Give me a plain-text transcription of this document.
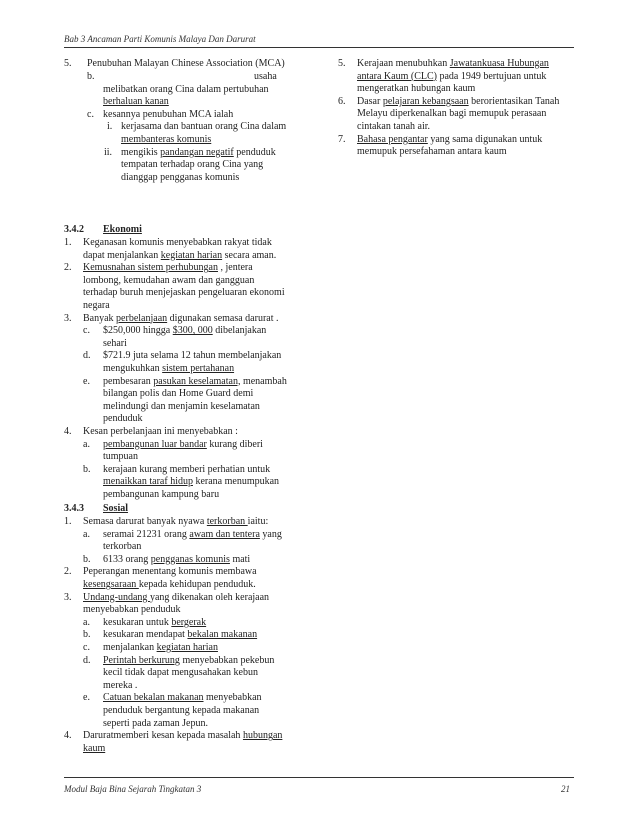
Bab 3 Ancaman Parti Komunis Malaya Dan Darurat
5. Penubuhan Malayan Chinese Association (MCA)
b.	usaha
melibatkan orang Cina dalam pertubuhan
berhaluan kanan
c. kesannya penubuhan MCA ialah
i. kerjasama dan bantuan orang Cina dalam
membanteras komunis
ii. mengikis pandangan negatif penduduk
tempatan terhadap orang Cina yang
dianggap pengganas komunis
5. Kerajaan menubuhkan Jawatankuasa Hubungan
antara Kaum (CLC) pada 1949 bertujuan untuk
mengeratkan hubungan kaum
6. Dasar pelajaran kebangsaan berorientasikan Tanah
Melayu diperkenalkan bagi memupuk perasaan
cintakan tanah air.
7. Bahasa pengantar yang sama digunakan untuk
memupuk persefahaman antara kaum
3.4.2 Ekonomi
1. Keganasan komunis menyebabkan rakyat tidak
dapat menjalankan kegiatan harian secara aman.
2. Kemusnahan sistem perhubungan , jentera
lombong, kemudahan awam dan gangguan
terhadap buruh menjejaskan pengeluaran ekonomi
negara
3. Banyak perbelanjaan digunakan semasa darurat .
c. $250,000 hingga $300, 000 dibelanjakan
sehari
d. $721.9 juta selama 12 tahun membelanjakan
mengukuhkan sistem pertahanan
e. pembesaran pasukan keselamatan, menambah
bilangan polis dan Home Guard demi
melindungi dan menjamin keselamatan
penduduk
4. Kesan perbelanjaan ini menyebabkan :
a. pembangunan luar bandar kurang diberi
tumpuan
b. kerajaan kurang memberi perhatian untuk
menaikkan taraf hidup kerana menumpukan
pembangunan kampung baru
3.4.3 Sosial
1. Semasa darurat banyak nyawa terkorban iaitu:
a. seramai 21231 orang awam dan tentera yang
terkorban
b. 6133 orang pengganas komunis mati
2. Peperangan menentang komunis membawa
kesengsaraan kepada kehidupan penduduk.
3. Undang-undang yang dikenakan oleh kerajaan
menyebabkan penduduk
a. kesukaran untuk bergerak
b. kesukaran mendapat bekalan makanan
c. menjalankan kegiatan harian
d. Perintah berkurung menyebabkan pekebun
kecil tidak dapat mengusahakan kebun
mereka .
e. Catuan bekalan makanan menyebabkan
penduduk bergantung kepada makanan
seperti pada zaman Jepun.
4. Daruratmemberi kesan kepada masalah hubungan
kaum
Modul Baja Bina Sejarah Tingkatan 3	21
